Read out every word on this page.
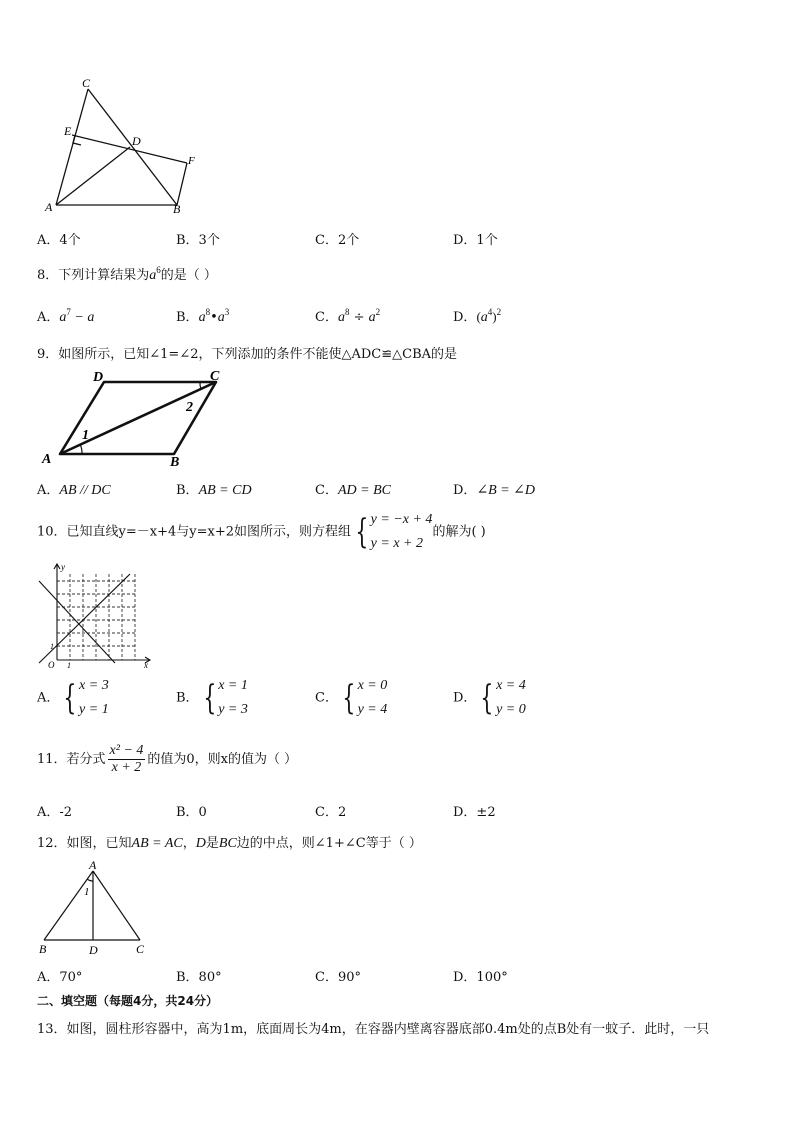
C
E
D
F
A	B
A．4个	B．3个	C．2个	D．1个
8．下列计算结果为$a^6$的是（ ）
A．$a^7 - a$	B．$a^8•a^3$	C．$a^8 \div a^2$	D．$(a^4)^2$
9．如图所示，已知∠1=∠2，下列添加的条件不能使△ADC≌△CBA的是
D	C
A	B
1
2
A．AB // DC	B．AB = CD	C．AD = BC	D．∠B = ∠D
10．已知直线y=－x+4与y=x+2如图所示，则方程组 { y = −x + 4
y = x + 2
的解为( )
y
x
O 1
1
A． { x = 3
y = 1
B． { x = 1
y = 3
C． { x = 0
y = 4
D． { x = 4
y = 0
11．若分式 $\frac{\text{x² − 4}}{x + 2}$ 的值为0，则x的值为（ ）
A．-2	B．0	C．2	D．±2
12．如图，已知AB = AC，D是BC边的中点，则∠1+∠C等于（ ）
A
1
B	D	C
A．70°	B．80°	C．90°	D．100°
二、填空题（每题4分，共24分）
13．如图，圆柱形容器中，高为1m，底面周长为4m，在容器内壁离容器底部0.4m处的点B处有一蚊子．此时，一只
